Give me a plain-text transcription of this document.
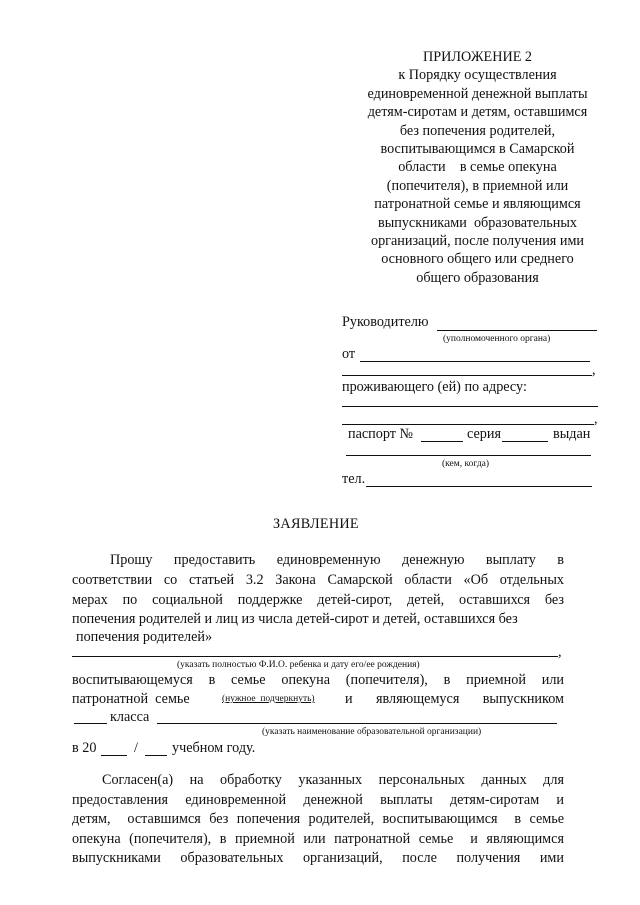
ПРИЛОЖЕНИЕ 2
к Порядку осуществления
единовременной денежной выплаты
детям-сиротам и детям, оставшимся
без попечения родителей,
воспитывающимся в Самарской
области    в семье опекуна
(попечителя), в приемной или
патронатной семье и являющимся
выпускниками  образовательных
организаций, после получения ими
основного общего или среднего
общего образования
Руководителю
(уполномоченного органа)
от
,
проживающего (ей) по адресу:
,
паспорт №	серия	выдан
(кем, когда)
тел.
ЗАЯВЛЕНИЕ
Прошу   предоставить   единовременную   денежную   выплату   в
соответствии со статьей 3.2 Закона Самарской области «Об отдельных
мерах по социальной поддержке детей-сирот, детей, оставшихся без
попечения родителей и лиц из числа детей-сирот и детей, оставшихся без
попечения родителей»
,
(указать полностью Ф.И.О. ребенка и дату его/ее рождения)
воспитывающемуся  в  семье  опекуна  (попечителя),  в  приемной  или
патронатной  семье	(нужное  подчеркнуть) и  являющемуся  выпускником
класса
(указать наименование образовательной организации)
в 20	/ учебном году.
Согласен(а)  на  обработку  указанных  персональных  данных  для
предоставления  единовременной  денежной  выплаты  детям-сиротам  и
детям,  оставшимся без попечения родителей, воспитывающимся  в семье
опекуна (попечителя), в приемной или патронатной семье  и являющимся
выпускниками   образовательных   организаций,   после   получения   ими
